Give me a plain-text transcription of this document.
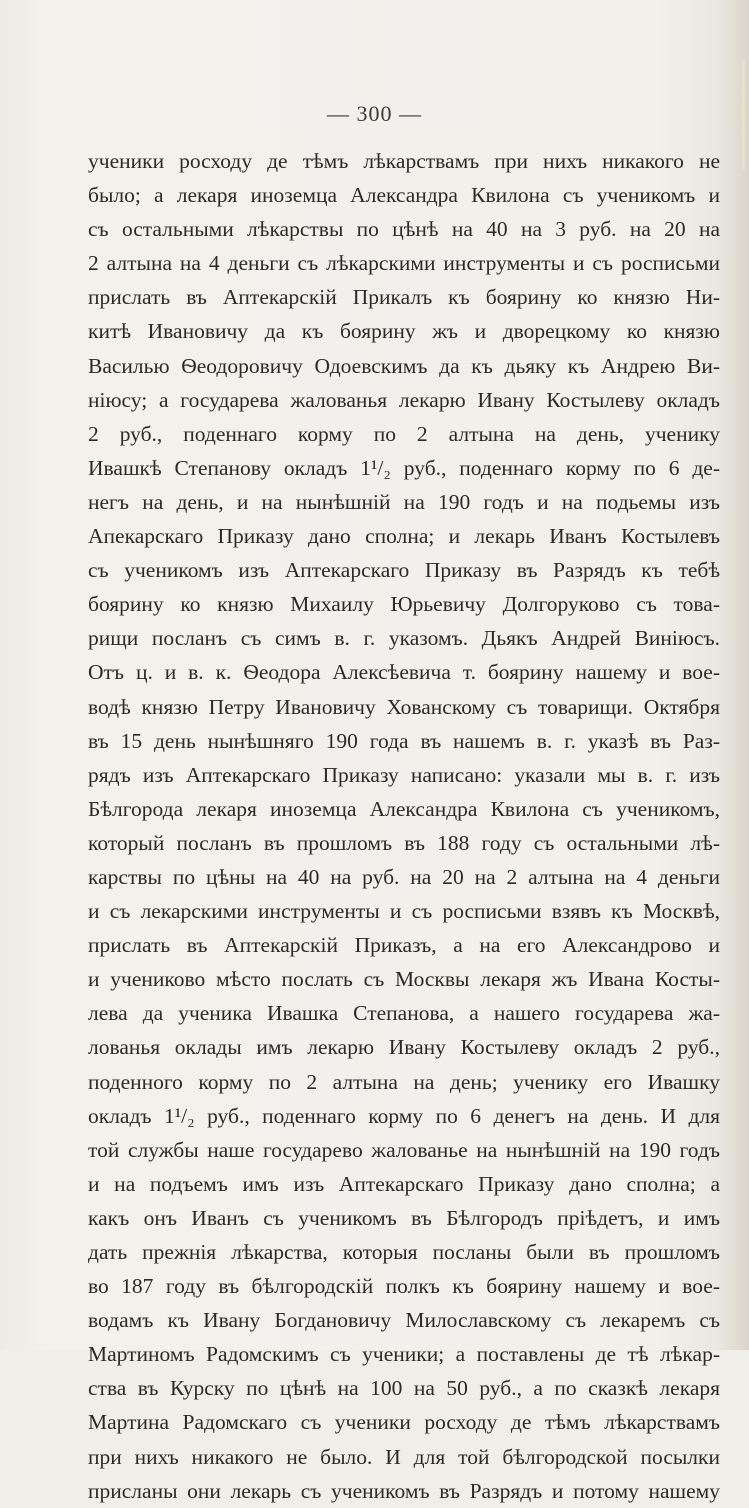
— 300 —
ученики росходу де тѣмъ лѣкарствамъ при нихъ никакого не
было; а лекаря иноземца Александра Квилона съ ученикомъ и
съ остальными лѣкарствы по цѣнѣ на 40 на 3 руб. на 20 на
2 алтына на 4 деньги съ лѣкарскими инструменты и съ росписьми
прислать въ Аптекарскій Прикалъ къ боярину ко князю Ни-
китѣ Ивановичу да къ боярину жъ и дворецкому ко князю
Василью Ѳеодоровичу Одоевскимъ да къ дьяку къ Андрею Ви-
ніюсу; а государева жалованья лекарю Ивану Костылеву окладъ
2 руб., поденнаго корму по 2 алтына на день, ученику
Ивашкѣ Степанову окладъ 1¹/₂ руб., поденнаго корму по 6 де-
негъ на день, и на нынѣшній на 190 годъ и на подьемы изъ
Апекарскаго Приказу дано сполна; и лекарь Иванъ Костылевъ
съ ученикомъ изъ Аптекарскаго Приказу въ Разрядъ къ тебѣ
боярину ко князю Михаилу Юрьевичу Долгоруково съ това-
рищи посланъ съ симъ в. г. указомъ. Дьякъ Андрей Виніюсъ.
Отъ ц. и в. к. Ѳеодора Алексѣевича т. боярину нашему и вое-
водѣ князю Петру Ивановичу Хованскому съ товарищи. Октября
въ 15 день нынѣшняго 190 года въ нашемъ в. г. указѣ въ Раз-
рядъ изъ Аптекарскаго Приказу написано: указали мы в. г. изъ
Бѣлгорода лекаря иноземца Александра Квилона съ ученикомъ,
который посланъ въ прошломъ въ 188 году съ остальными лѣ-
карствы по цѣны на 40 на руб. на 20 на 2 алтына на 4 деньги
и съ лекарскими инструменты и съ росписьми взявъ къ Москвѣ,
прислать въ Аптекарскій Приказъ, а на его Александрово и
и учениково мѣсто послать съ Москвы лекаря жъ Ивана Косты-
лева да ученика Ивашка Степанова, а нашего государева жа-
лованья оклады имъ лекарю Ивану Костылеву окладъ 2 руб.,
поденного корму по 2 алтына на день; ученику его Ивашку
окладъ 1¹/₂ руб., поденнаго корму по 6 денегъ на день. И для
той службы наше государево жалованье на нынѣшній на 190 годъ
и на подъемъ имъ изъ Аптекарскаго Приказу дано сполна; а
какъ онъ Иванъ съ ученикомъ въ Бѣлгородъ пріѣдетъ, и имъ
дать прежнія лѣкарства, которыя посланы были въ прошломъ
во 187 году въ бѣлгородскій полкъ къ боярину нашему и вое-
водамъ къ Ивану Богдановичу Милославскому съ лекаремъ съ
Мартиномъ Радомскимъ съ ученики; а поставлены де тѣ лѣкар-
ства въ Курску по цѣнѣ на 100 на 50 руб., а по сказкѣ лекаря
Мартина Радомскаго съ ученики росходу де тѣмъ лѣкарствамъ
при нихъ никакого не было. И для той бѣлгородской посылки
присланы они лекарь съ ученикомъ въ Разрядъ и потому нашему
